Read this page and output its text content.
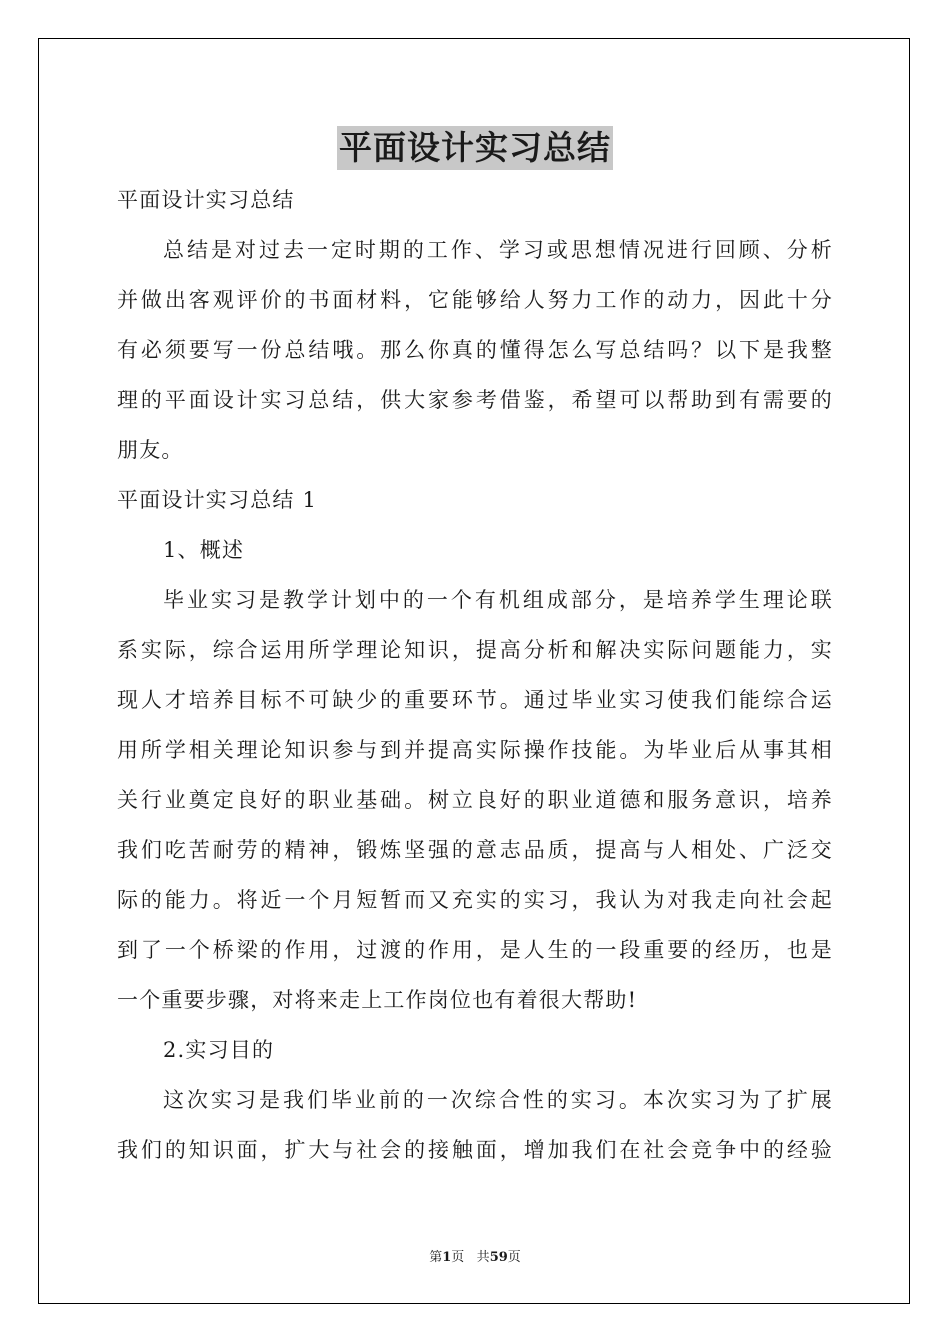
平面设计实习总结
平面设计实习总结
总结是对过去一定时期的工作、学习或思想情况进行回顾、分析
并做出客观评价的书面材料，它能够给人努力工作的动力，因此十分
有必须要写一份总结哦。那么你真的懂得怎么写总结吗？以下是我整
理的平面设计实习总结，供大家参考借鉴，希望可以帮助到有需要的
朋友。
平面设计实习总结 1
1、概述
毕业实习是教学计划中的一个有机组成部分，是培养学生理论联
系实际，综合运用所学理论知识，提高分析和解决实际问题能力，实
现人才培养目标不可缺少的重要环节。通过毕业实习使我们能综合运
用所学相关理论知识参与到并提高实际操作技能。为毕业后从事其相
关行业奠定良好的职业基础。树立良好的职业道德和服务意识，培养
我们吃苦耐劳的精神，锻炼坚强的意志品质，提高与人相处、广泛交
际的能力。将近一个月短暂而又充实的实习，我认为对我走向社会起
到了一个桥梁的作用，过渡的作用，是人生的一段重要的经历，也是
一个重要步骤，对将来走上工作岗位也有着很大帮助!
2.实习目的
这次实习是我们毕业前的一次综合性的实习。本次实习为了扩展
我们的知识面，扩大与社会的接触面，增加我们在社会竞争中的经验
第1页 共59页
